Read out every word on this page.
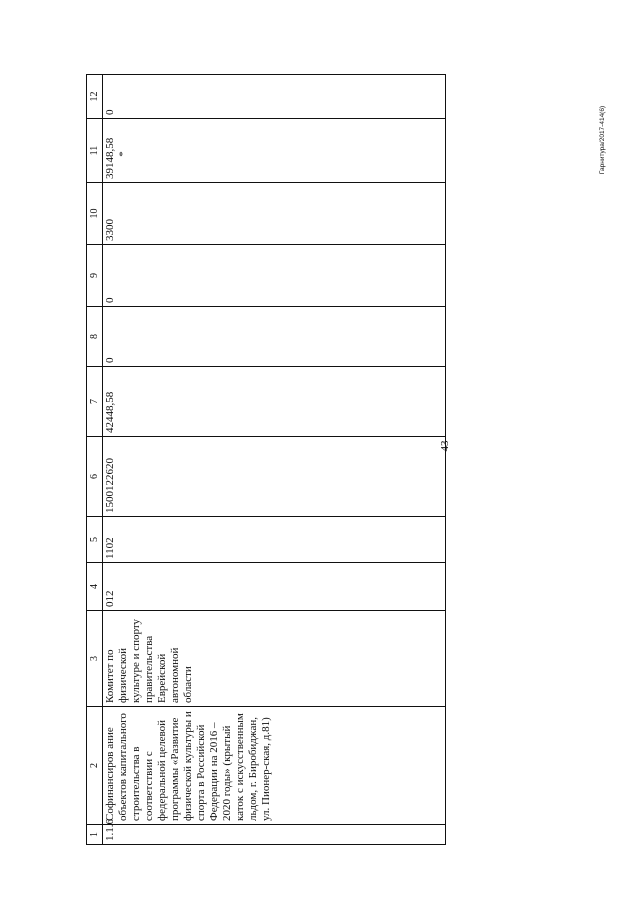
43
Гарнитура/2017-414(6)
1	2	3	4	5	6	7	8	9	10	11	12
1.1.6	Софинансиров ание объектов капитального строительства в соответствии с федеральной целевой программы «Развитие физической культуры и спорта в Российской Федерации на 2016 – 2020 годы» (крытый каток с искусственным льдом, г. Биробиджан, ул. Пионер-ская, д.81)	Комитет по физической культуре и спорту правительства Еврейской автономной области	012	1102	1500122620	42448,58	0	0	3300	39148,58 *	0
